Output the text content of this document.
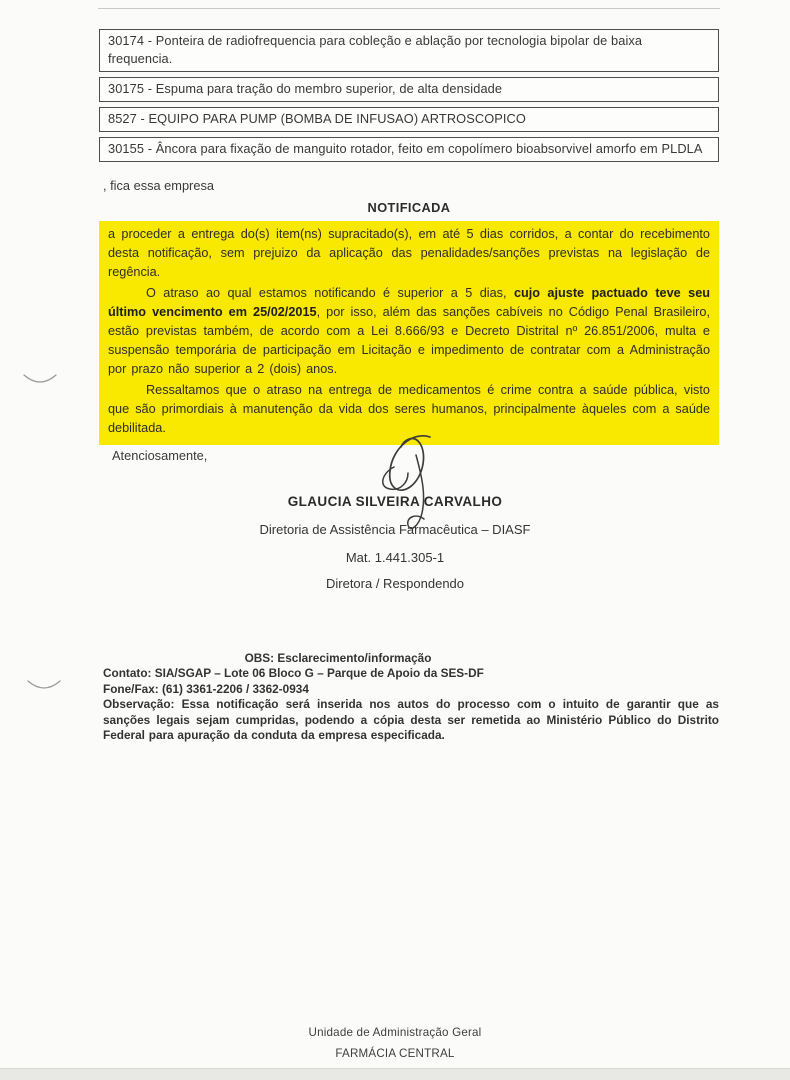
30174 - Ponteira de radiofrequencia para cobleção e ablação por tecnologia bipolar de baixa frequencia.
30175 - Espuma para tração do membro superior, de alta densidade
8527 - EQUIPO PARA PUMP (BOMBA DE INFUSAO) ARTROSCOPICO
30155 - Âncora para fixação de manguito rotador, feito em copolímero bioabsorvivel amorfo em PLDLA
, fica essa empresa
NOTIFICADA

a proceder a entrega do(s) item(ns) supracitado(s), em até 5 dias corridos, a contar do recebimento desta notificação, sem prejuizo da aplicação das penalidades/sanções previstas na legislação de regência.

O atraso ao qual estamos notificando é superior a 5 dias, cujo ajuste pactuado teve seu último vencimento em 25/02/2015, por isso, além das sanções cabíveis no Código Penal Brasileiro, estão previstas também, de acordo com a Lei 8.666/93 e Decreto Distrital nº 26.851/2006, multa e suspensão temporária de participação em Licitação e impedimento de contratar com a Administração por prazo não superior a 2 (dois) anos.

Ressaltamos que o atraso na entrega de medicamentos é crime contra a saúde pública, visto que são primordiais à manutenção da vida dos seres humanos, principalmente àqueles com a saúde debilitada.

Atenciosamente,
GLAUCIA SILVEIRA CARVALHO
Diretoria de Assistência Farmacêutica – DIASF
Mat. 1.441.305-1
Diretora / Respondendo
OBS: Esclarecimento/informação
Contato: SIA/SGAP – Lote 06 Bloco G – Parque de Apoio da SES-DF
Fone/Fax: (61) 3361-2206 / 3362-0934
Observação: Essa notificação será inserida nos autos do processo com o intuito de garantir que as sanções legais sejam cumpridas, podendo a cópia desta ser remetida ao Ministério Público do Distrito Federal para apuração da conduta da empresa especificada.
Unidade de Administração Geral
FARMÁCIA CENTRAL
